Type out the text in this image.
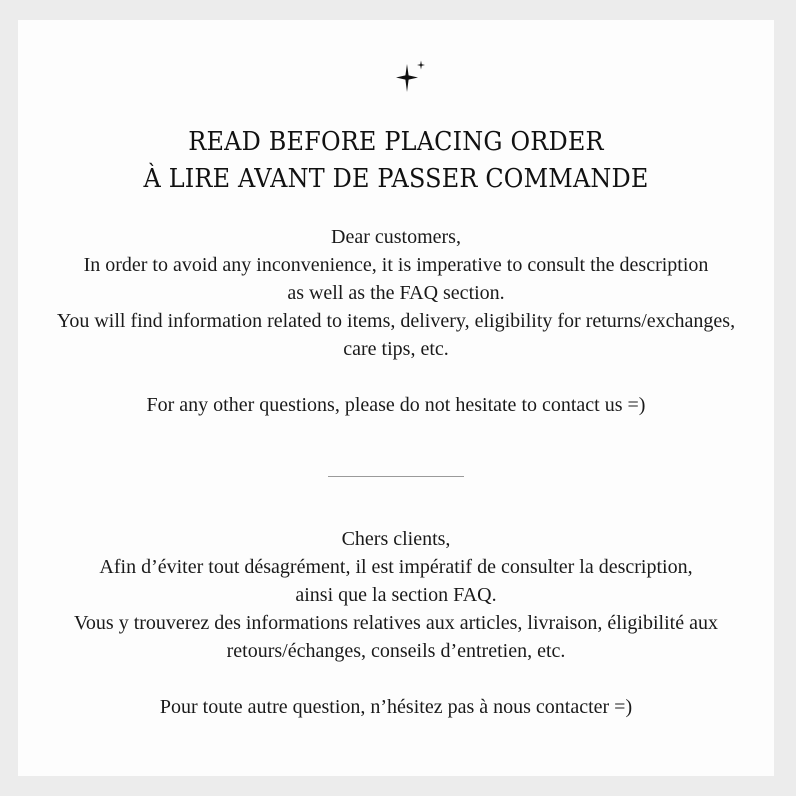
READ BEFORE PLACING ORDER
À LIRE AVANT DE PASSER COMMANDE
Dear customers,
In order to avoid any inconvenience, it is imperative to consult the description
as well as the FAQ section.
You will find information related to items, delivery, eligibility for returns/exchanges,
care tips, etc.
For any other questions, please do not hesitate to contact us =)
Chers clients,
Afin d’éviter tout désagrément, il est impératif de consulter la description,
ainsi que la section FAQ.
Vous y trouverez des informations relatives aux articles, livraison, éligibilité aux
retours/échanges, conseils d’entretien, etc.
Pour toute autre question, n’hésitez pas à nous contacter =)
